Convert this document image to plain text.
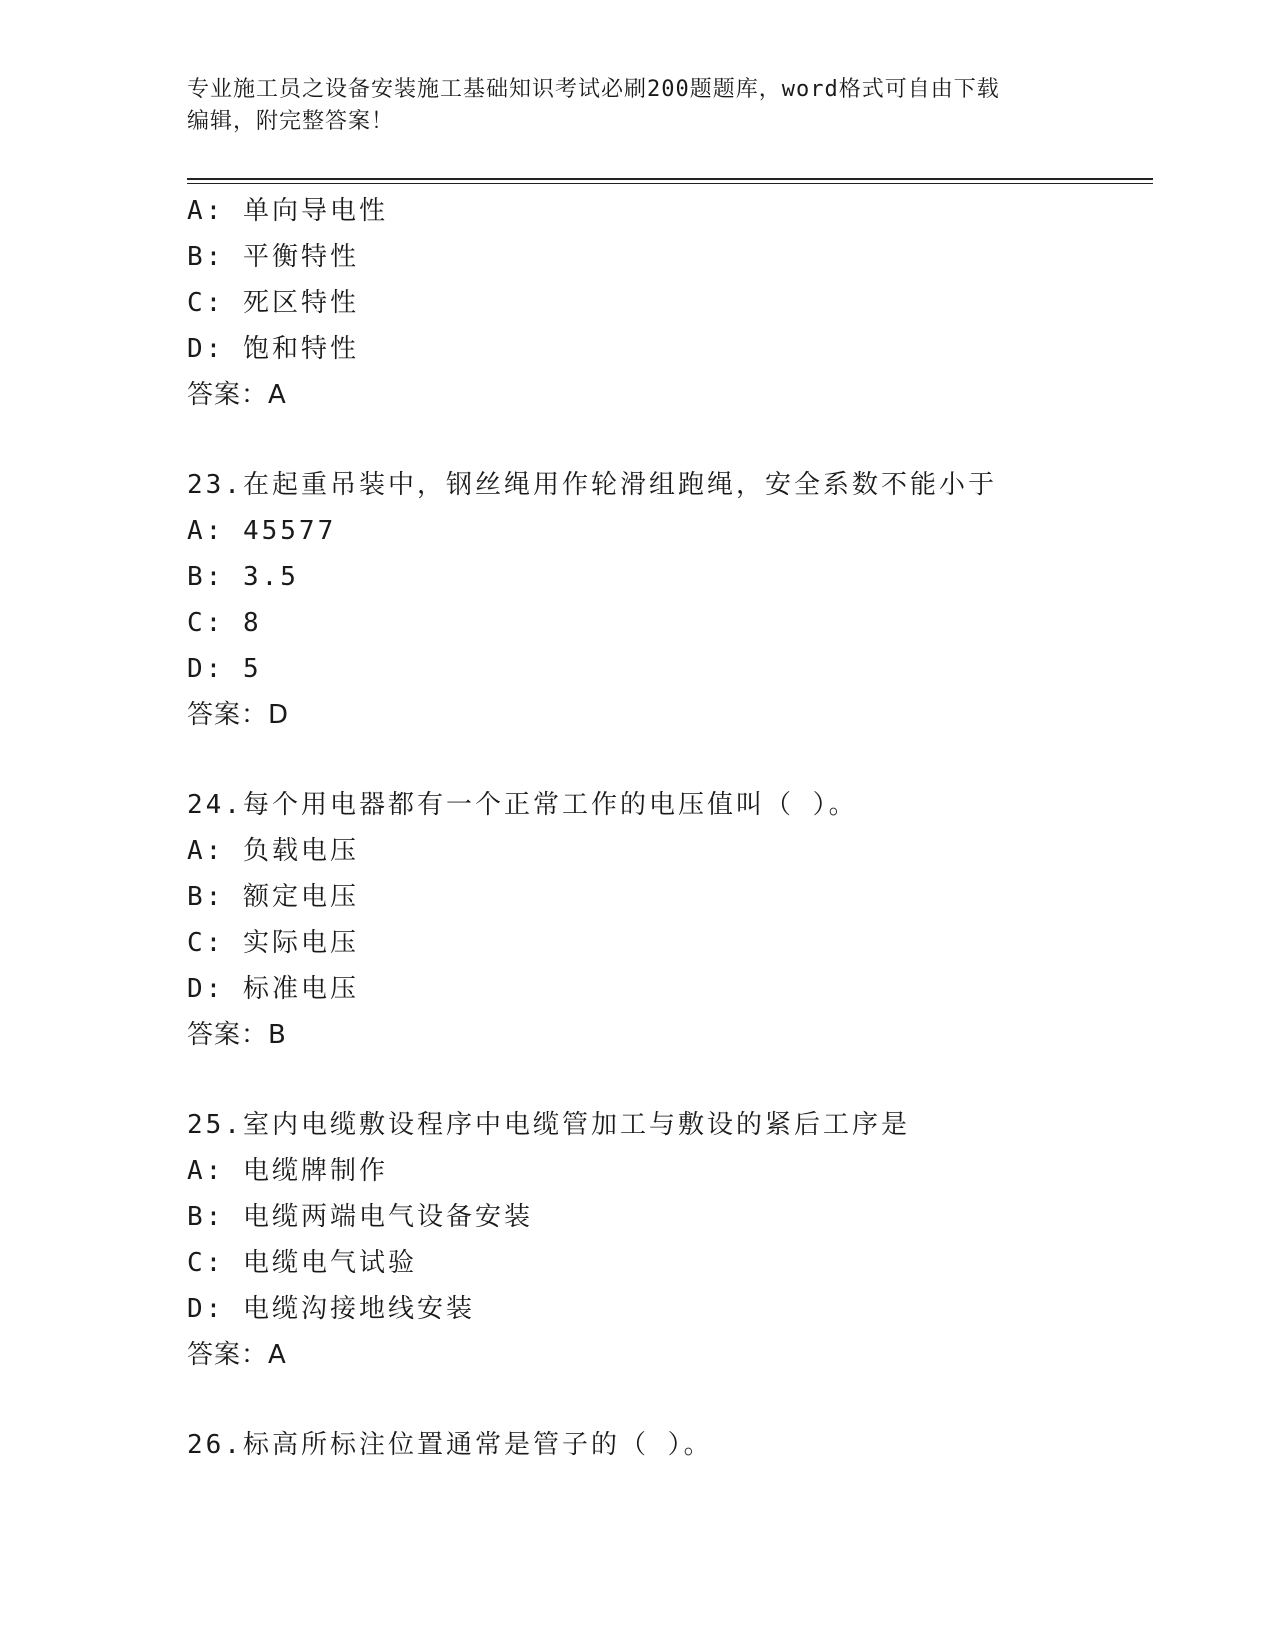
专业施工员之设备安装施工基础知识考试必刷200题题库，word格式可自由下载
编辑，附完整答案！
A: 单向导电性
B: 平衡特性
C: 死区特性
D: 饱和特性
答案：A
23.在起重吊装中，钢丝绳用作轮滑组跑绳，安全系数不能小于
A: 45577
B: 3.5
C: 8
D: 5
答案：D
24.每个用电器都有一个正常工作的电压值叫（ ）。
A: 负载电压
B: 额定电压
C: 实际电压
D: 标准电压
答案：B
25.室内电缆敷设程序中电缆管加工与敷设的紧后工序是
A: 电缆牌制作
B: 电缆两端电气设备安装
C: 电缆电气试验
D: 电缆沟接地线安装
答案：A
26.标高所标注位置通常是管子的（ ）。
